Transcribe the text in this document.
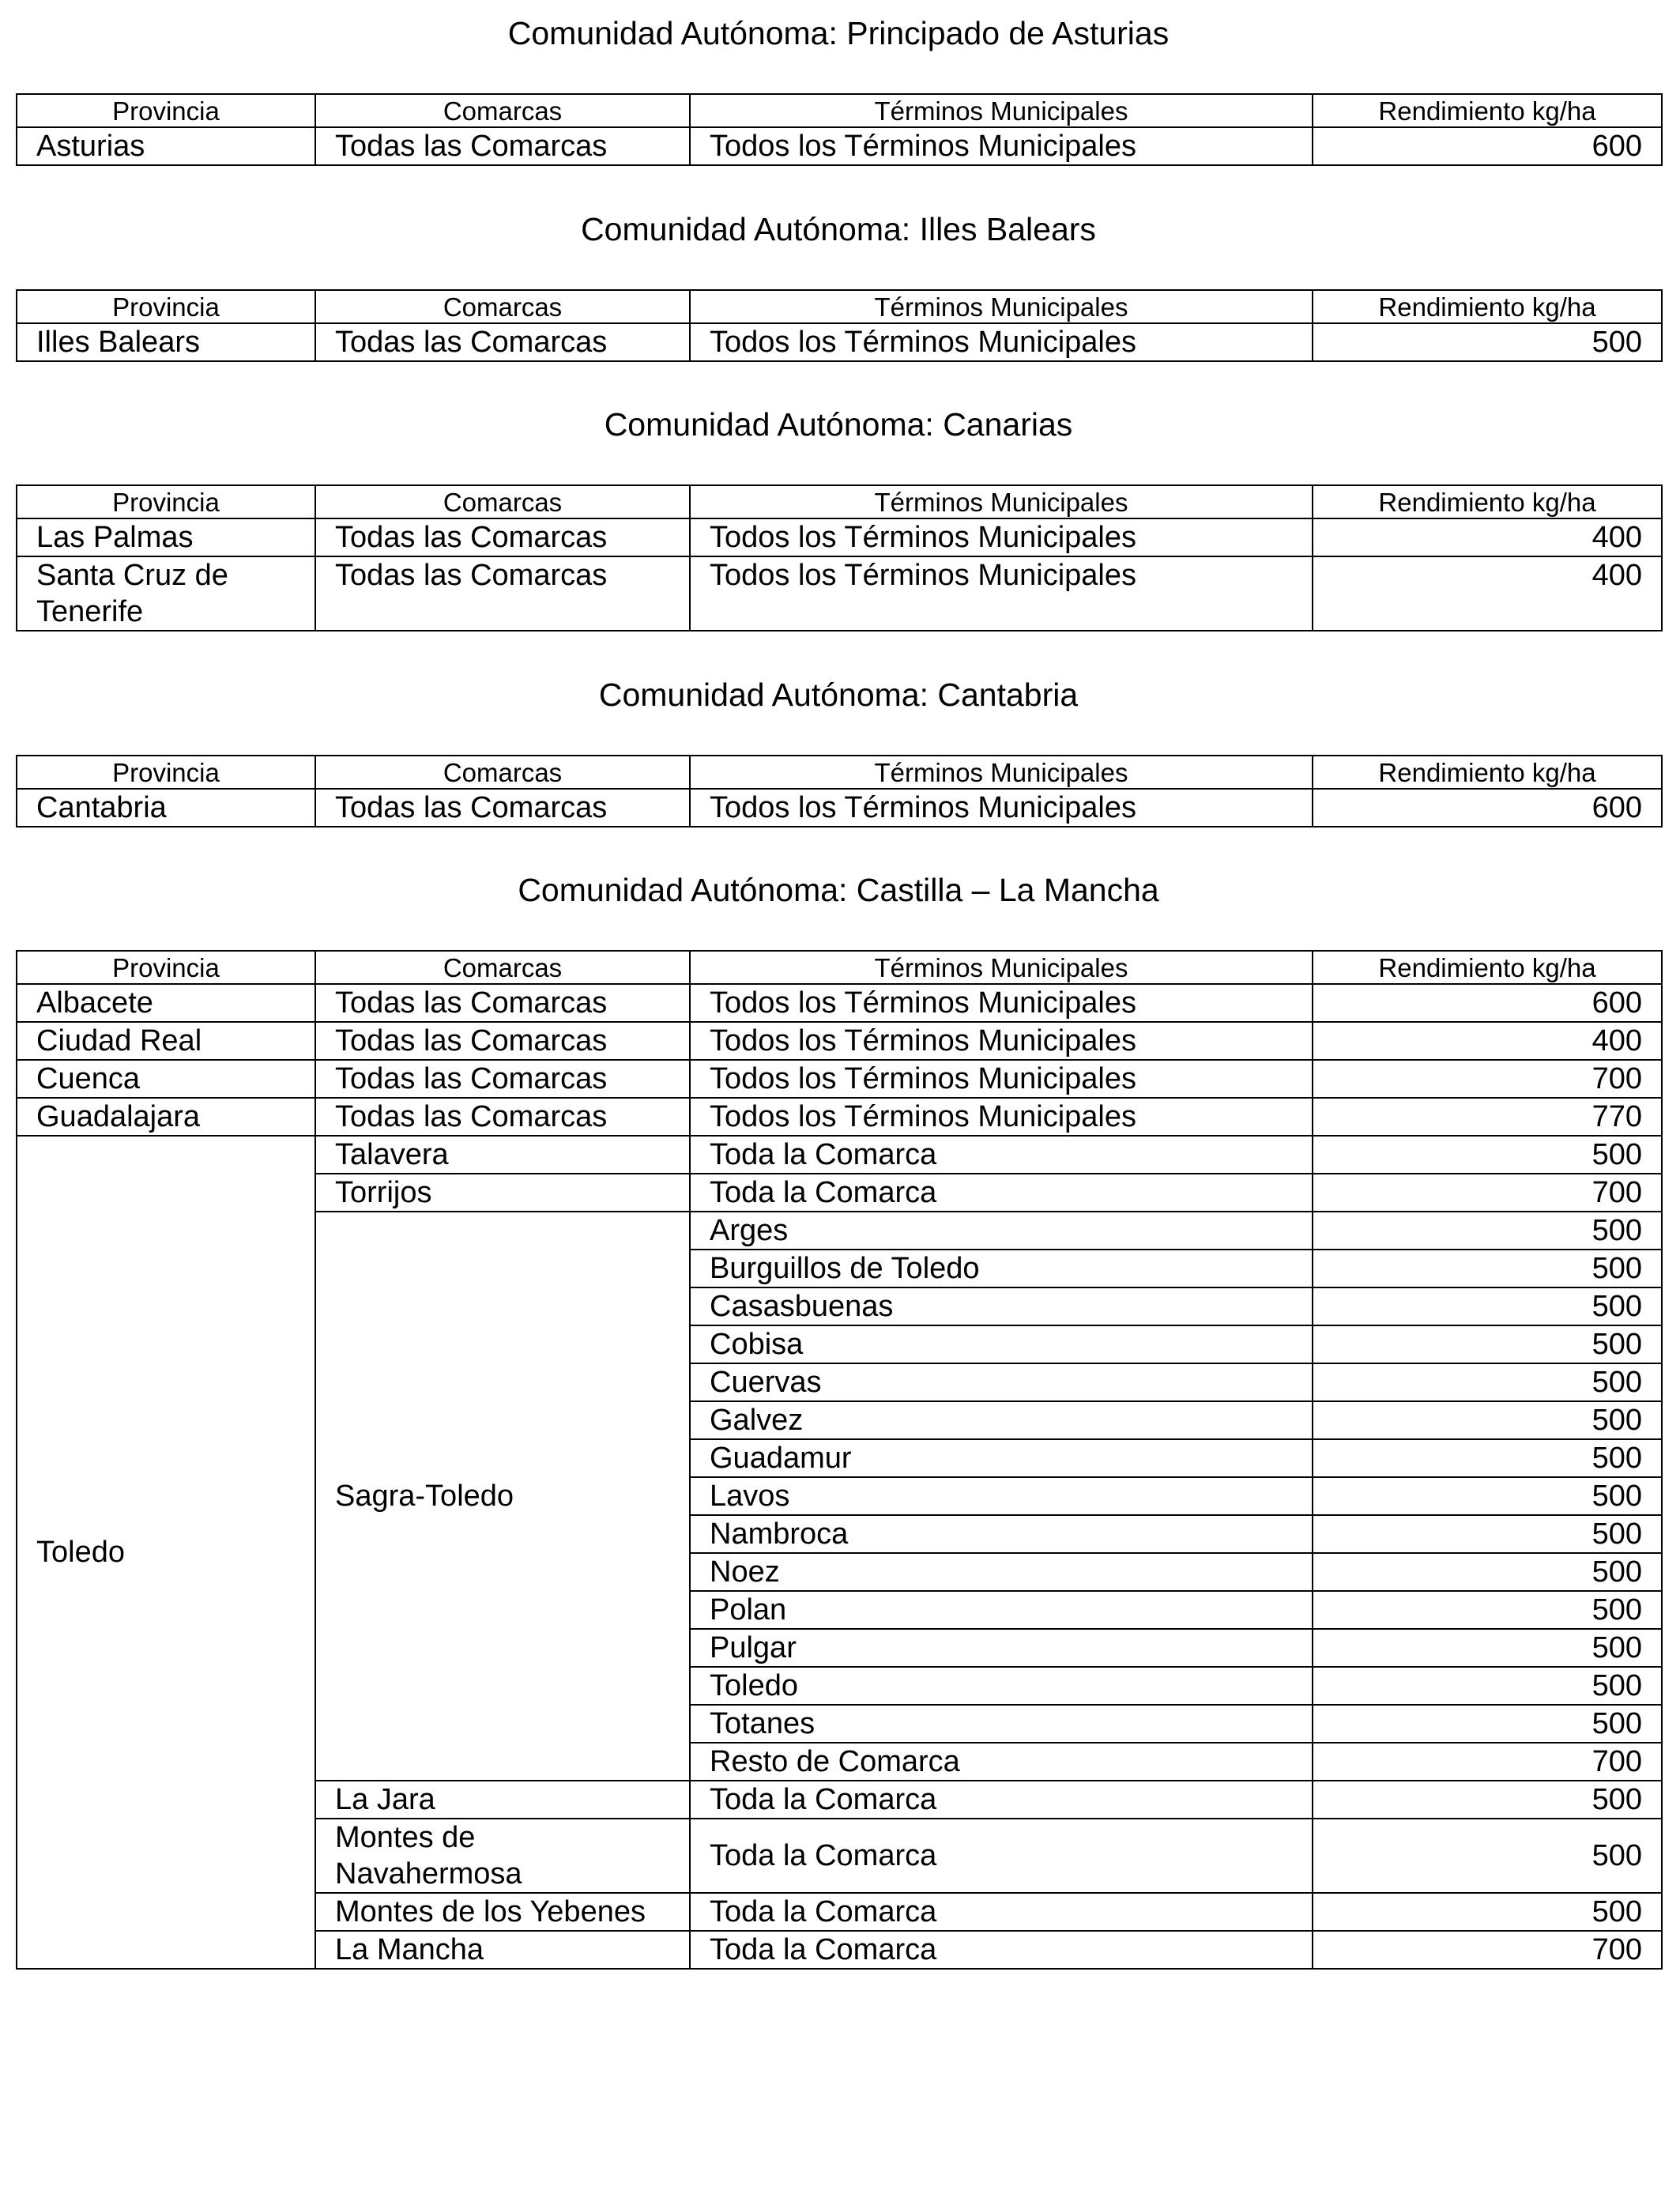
Comunidad Autónoma: Principado de Asturias
Provincia	Comarcas	Términos Municipales	Rendimiento kg/ha
Asturias	Todas las Comarcas	Todos los Términos Municipales	600
Comunidad Autónoma: Illes Balears
Provincia	Comarcas	Términos Municipales	Rendimiento kg/ha
Illes Balears	Todas las Comarcas	Todos los Términos Municipales	500
Comunidad Autónoma: Canarias
Provincia	Comarcas	Términos Municipales	Rendimiento kg/ha
Las Palmas	Todas las Comarcas	Todos los Términos Municipales	400
Santa Cruz de Tenerife	Todas las Comarcas	Todos los Términos Municipales	400
Comunidad Autónoma: Cantabria
Provincia	Comarcas	Términos Municipales	Rendimiento kg/ha
Cantabria	Todas las Comarcas	Todos los Términos Municipales	600
Comunidad Autónoma: Castilla – La Mancha
Provincia	Comarcas	Términos Municipales	Rendimiento kg/ha
Albacete	Todas las Comarcas	Todos los Términos Municipales	600
Ciudad Real	Todas las Comarcas	Todos los Términos Municipales	400
Cuenca	Todas las Comarcas	Todos los Términos Municipales	700
Guadalajara	Todas las Comarcas	Todos los Términos Municipales	770
Toledo	Talavera	Toda la Comarca	500
	Torrijos	Toda la Comarca	700
	Sagra-Toledo	Arges	500
		Burguillos de Toledo	500
		Casasbuenas	500
		Cobisa	500
		Cuervas	500
		Galvez	500
		Guadamur	500
		Lavos	500
		Nambroca	500
		Noez	500
		Polan	500
		Pulgar	500
		Toledo	500
		Totanes	500
		Resto de Comarca	700
	La Jara	Toda la Comarca	500
	Montes de Navahermosa	Toda la Comarca	500
	Montes de los Yebenes	Toda la Comarca	500
	La Mancha	Toda la Comarca	700
